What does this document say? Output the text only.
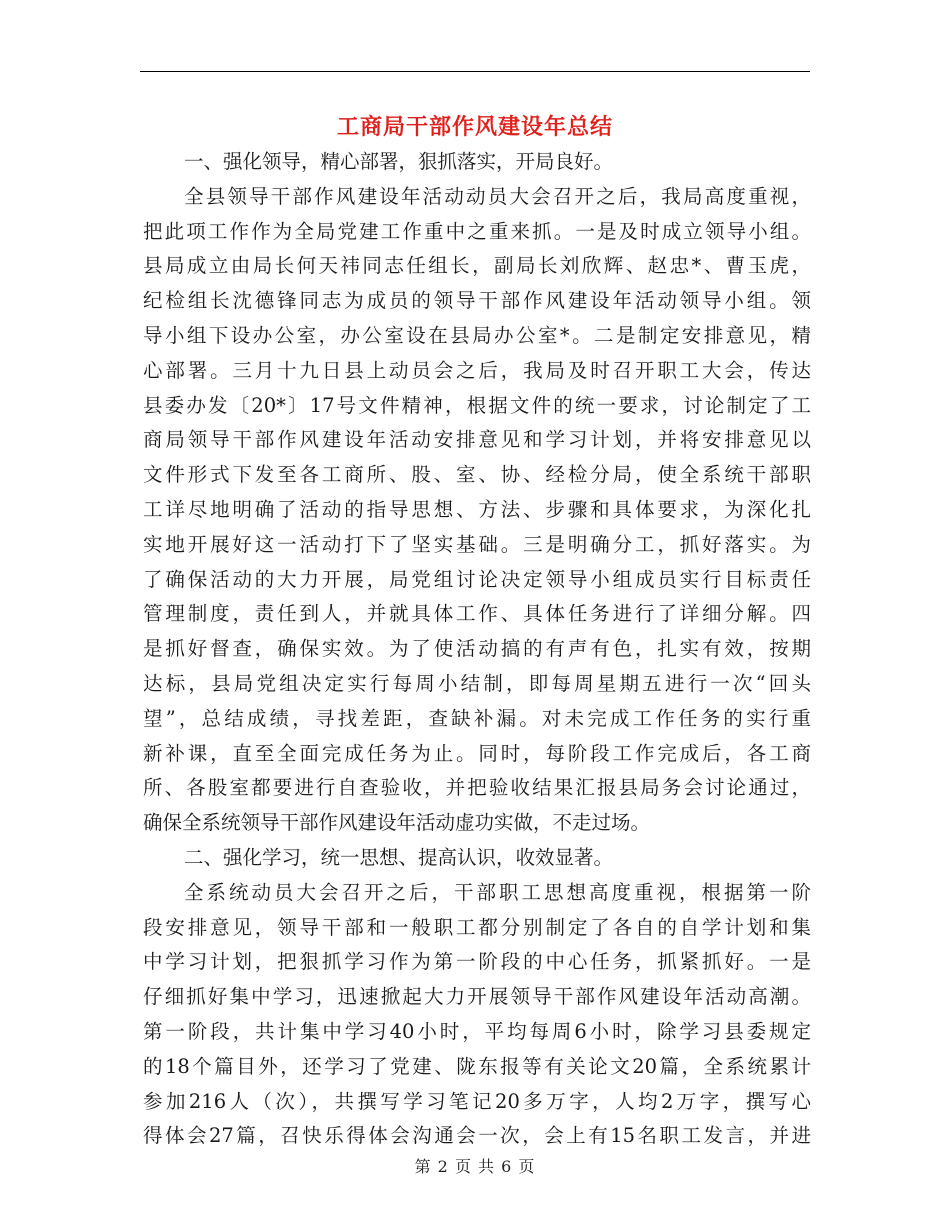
工商局干部作风建设年总结
一、强化领导，精心部署，狠抓落实，开局良好。
全县领导干部作风建设年活动动员大会召开之后，我局高度重视，
把此项工作作为全局党建工作重中之重来抓。一是及时成立领导小组。
县局成立由局长何天祎同志任组长，副局长刘欣辉、赵忠*、曹玉虎，
纪检组长沈德锋同志为成员的领导干部作风建设年活动领导小组。领
导小组下设办公室，办公室设在县局办公室*。二是制定安排意见，精
心部署。三月十九日县上动员会之后，我局及时召开职工大会，传达
县委办发〔20*〕17号文件精神，根据文件的统一要求，讨论制定了工
商局领导干部作风建设年活动安排意见和学习计划，并将安排意见以
文件形式下发至各工商所、股、室、协、经检分局，使全系统干部职
工详尽地明确了活动的指导思想、方法、步骤和具体要求，为深化扎
实地开展好这一活动打下了坚实基础。三是明确分工，抓好落实。为
了确保活动的大力开展，局党组讨论决定领导小组成员实行目标责任
管理制度，责任到人，并就具体工作、具体任务进行了详细分解。四
是抓好督查，确保实效。为了使活动搞的有声有色，扎实有效，按期
达标，县局党组决定实行每周小结制，即每周星期五进行一次“回头
望”，总结成绩，寻找差距，查缺补漏。对未完成工作任务的实行重
新补课，直至全面完成任务为止。同时，每阶段工作完成后，各工商
所、各股室都要进行自查验收，并把验收结果汇报县局务会讨论通过，
确保全系统领导干部作风建设年活动虚功实做，不走过场。
二、强化学习，统一思想、提高认识，收效显著。
全系统动员大会召开之后，干部职工思想高度重视，根据第一阶
段安排意见，领导干部和一般职工都分别制定了各自的自学计划和集
中学习计划，把狠抓学习作为第一阶段的中心任务，抓紧抓好。一是
仔细抓好集中学习，迅速掀起大力开展领导干部作风建设年活动高潮。
第一阶段，共计集中学习40小时，平均每周6小时，除学习县委规定
的18个篇目外，还学习了党建、陇东报等有关论文20篇，全系统累计
参加216人（次），共撰写学习笔记20多万字，人均2万字，撰写心
得体会27篇，召快乐得体会沟通会一次，会上有15名职工发言，并进
第 2 页 共 6 页
